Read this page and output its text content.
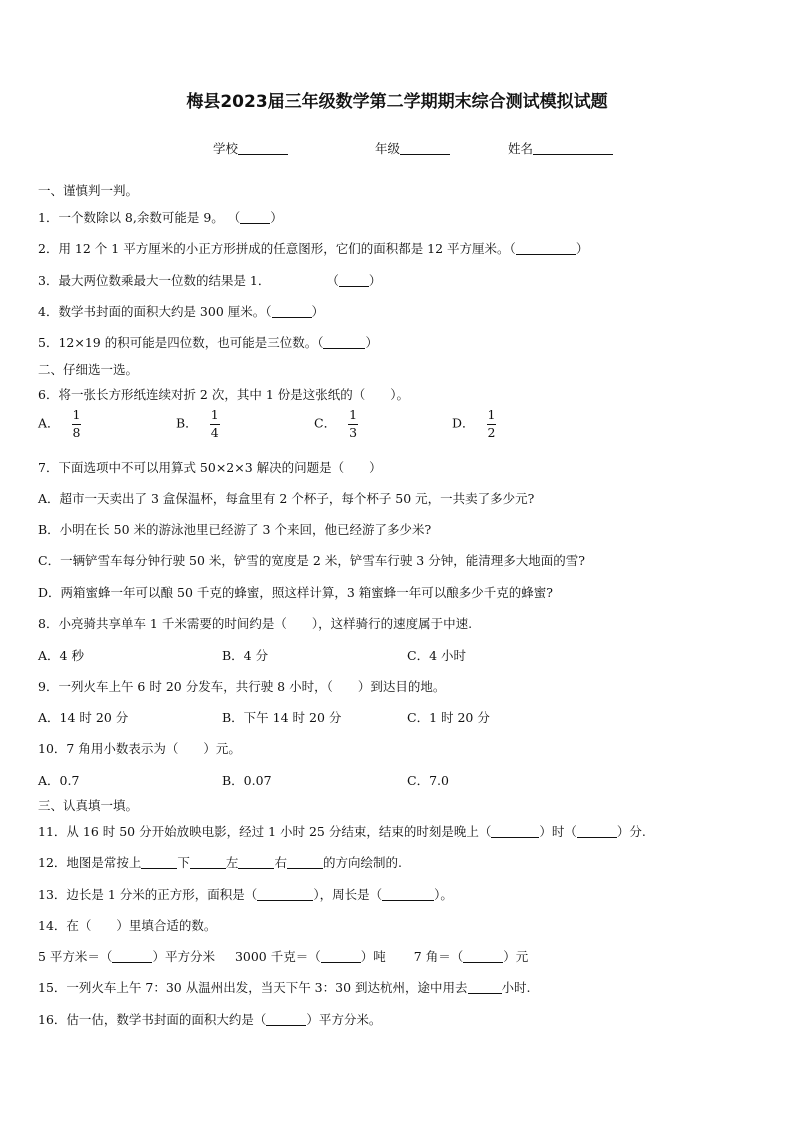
梅县2023届三年级数学第二学期期末综合测试模拟试题
学校	年级	姓名
一、谨慎判一判。
1．一个数除以 8,余数可能是 9。 （ ）
2．用 12 个 1 平方厘米的小正方形拼成的任意图形，它们的面积都是 12 平方厘米。（	）
3．最大两位数乘最大一位数的结果是 1．	（ ）
4．数学书封面的面积大约是 300 厘米。（	）
5．12×19 的积可能是四位数，也可能是三位数。（	）
二、仔细选一选。
6．将一张长方形纸连续对折 2 次，其中 1 份是这张纸的（　　）。
A． $\frac{1}{8}$	B． $\frac{1}{4}$	C． $\frac{1}{3}$	D． $\frac{1}{2}$
7．下面选项中不可以用算式 50×2×3 解决的问题是（　　）
A．超市一天卖出了 3 盒保温杯，每盒里有 2 个杯子，每个杯子 50 元，一共卖了多少元?
B．小明在长 50 米的游泳池里已经游了 3 个来回，他已经游了多少米?
C．一辆铲雪车每分钟行驶 50 米，铲雪的宽度是 2 米，铲雪车行驶 3 分钟，能清理多大地面的雪?
D．两箱蜜蜂一年可以酿 50 千克的蜂蜜，照这样计算，3 箱蜜蜂一年可以酿多少千克的蜂蜜?
8．小亮骑共享单车 1 千米需要的时间约是（　　），这样骑行的速度属于中速.
A．4 秒	B．4 分	C．4 小时
9．一列火车上午 6 时 20 分发车，共行驶 8 小时，（　　）到达目的地。
A．14 时 20 分	B．下午 14 时 20 分	C．1 时 20 分
10．7 角用小数表示为（　　）元。
A．0.7	B．0.07	C．7.0
三、认真填一填。
11．从 16 时 50 分开始放映电影，经过 1 小时 25 分结束，结束的时刻是晚上（	）时（	）分.
12．地图是常按上	下	左	右	的方向绘制的.
13．边长是 1 分米的正方形，面积是（	），周长是（	）。
14．在（　　）里填合适的数。
5 平方米＝（	）平方分米 3000 千克＝（	）吨 7 角＝（	）元
15．一列火车上午 7：30 从温州出发，当天下午 3：30 到达杭州，途中用去	小时.
16．估一估，数学书封面的面积大约是（	）平方分米。
